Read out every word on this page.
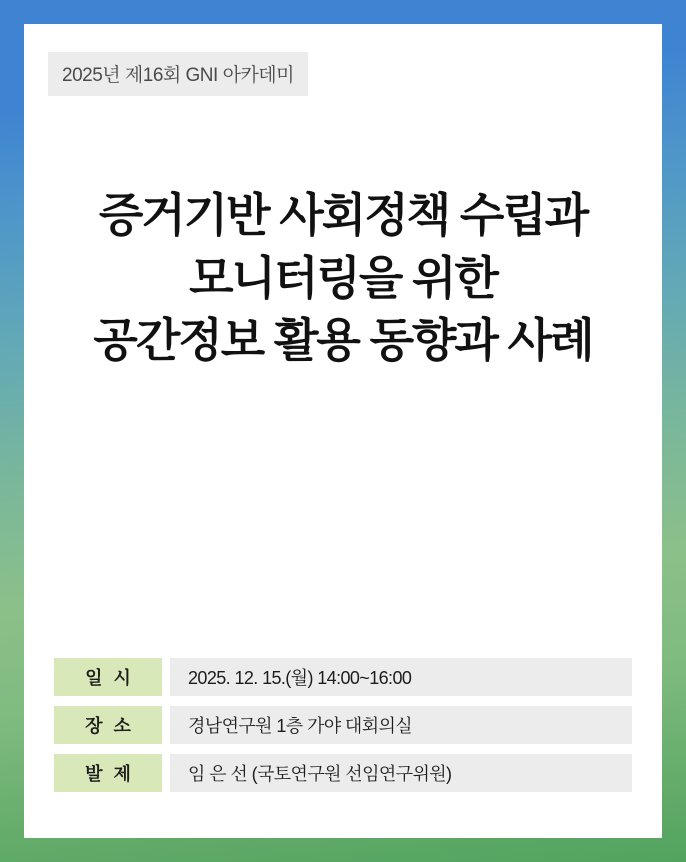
2025년 제16회 GNI 아카데미
증거기반 사회정책 수립과
모니터링을 위한
공간정보 활용 동향과 사례
일 시	2025. 12. 15.(월) 14:00~16:00
장 소	경남연구원 1층 가야 대회의실
발 제	임 은 선 (국토연구원 선임연구위원)
